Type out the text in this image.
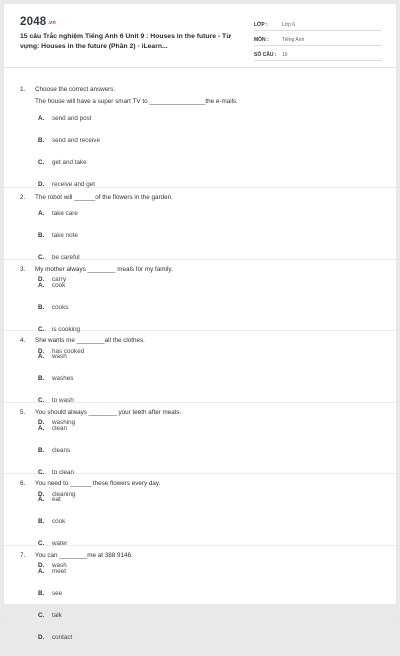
2048.vn
15 câu Trắc nghiệm Tiếng Anh 6 Unit 9 : Houses in the future - Từ vựng: Houses in the future (Phần 2) - iLearn...
LỚP :	Lớp 6
MÔN :	Tiếng Anh
SỐ CÂU :	15
1.	Choose the correct answers.
The house will have a super smart TV to ________________the e-mails.
A.	send and post
B.	send and receive
C.	get and take
D.	receive and get
2.	The robot will ______of the flowers in the garden.
A.	take care
B.	take note
C.	be careful
D.	carry
3.	My mother always ________ meals for my family.
A.	cook
B.	cooks
C.	is cooking
D.	has cooked
4.	She wants me ________all the clothes.
A.	wash
B.	washes
C.	to wash
D.	washing
5.	You should always ________ your teeth after meals.
A.	clean
B.	cleans
C.	to clean
D.	cleaning
6.	You need to ______ these flowers every day.
A.	eat
B.	cook
C.	water
D.	wash
7.	You can ________me at 388 9146.
A.	meet
B.	see
C.	talk
D.	contact
